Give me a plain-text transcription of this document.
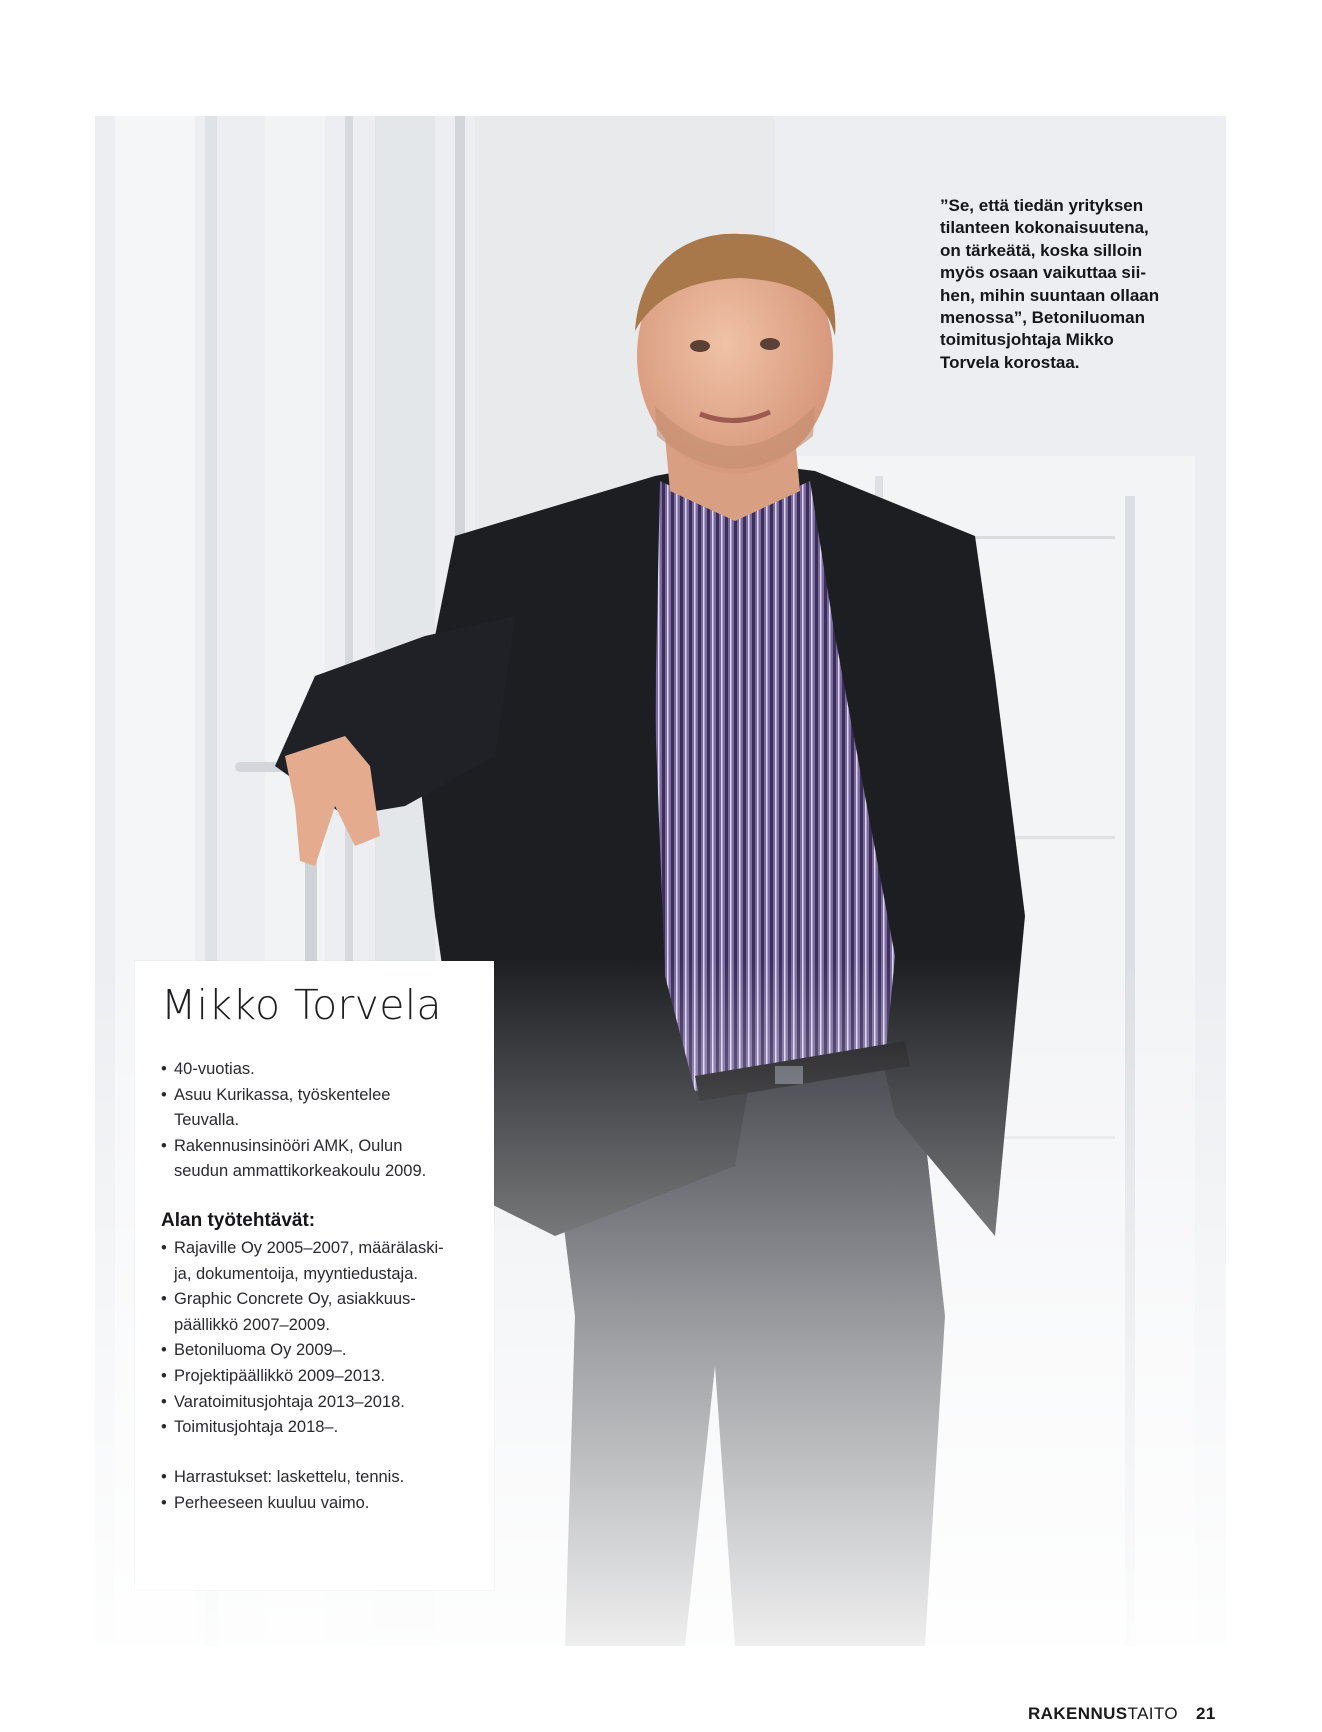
”Se, että tiedän yrityksen
tilanteen kokonaisuutena,
on tärkeätä, koska silloin
myös osaan vaikuttaa sii-
hen, mihin suuntaan ollaan
menossa”, Betoniluoman
toimitusjohtaja Mikko
Torvela korostaa.
Mikko Torvela
• 40-vuotias.
• Asuu Kurikassa, työskentelee
Teuvalla.
• Rakennusinsinööri AMK, Oulun
seudun ammattikorkeakoulu 2009.
Alan työtehtävät:
• Rajaville Oy 2005–2007, määrälaski-
ja, dokumentoija, myyntiedustaja.
• Graphic Concrete Oy, asiakkuus-
päällikkö 2007–2009.
• Betoniluoma Oy 2009–.
• Projektipäällikkö 2009–2013.
• Varatoimitusjohtaja 2013–2018.
• Toimitusjohtaja 2018–.
• Harrastukset: laskettelu, tennis.
• Perheeseen kuuluu vaimo.
RAKENNUSTAITO 21
